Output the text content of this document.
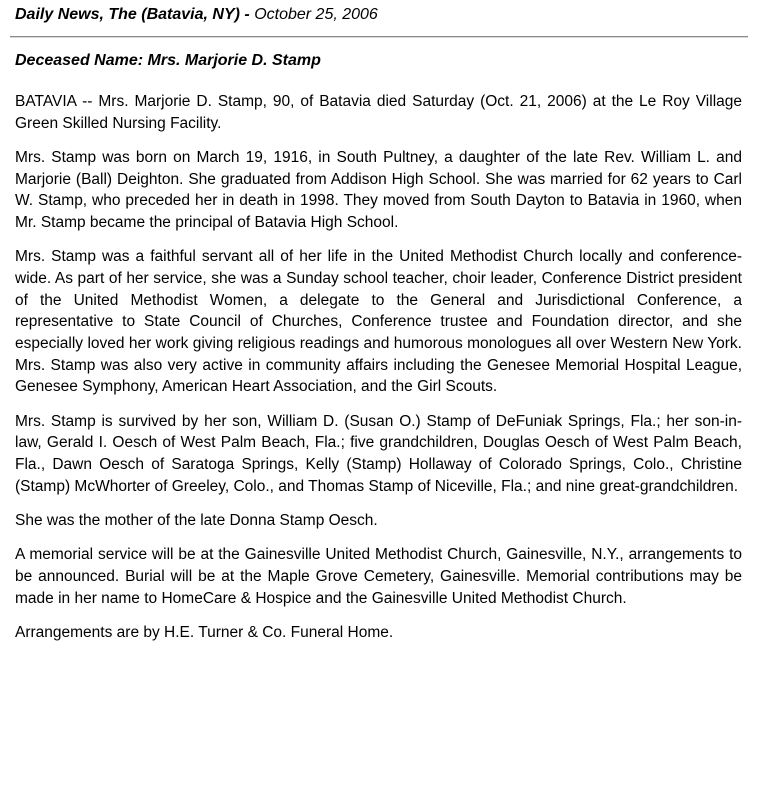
Daily News, The (Batavia, NY) - October 25, 2006
Deceased Name: Mrs. Marjorie D. Stamp

BATAVIA -- Mrs. Marjorie D. Stamp, 90, of Batavia died Saturday (Oct. 21, 2006) at the Le Roy Village Green Skilled Nursing Facility.

Mrs. Stamp was born on March 19, 1916, in South Pultney, a daughter of the late Rev. William L. and Marjorie (Ball) Deighton. She graduated from Addison High School. She was married for 62 years to Carl W. Stamp, who preceded her in death in 1998. They moved from South Dayton to Batavia in 1960, when Mr. Stamp became the principal of Batavia High School.

Mrs. Stamp was a faithful servant all of her life in the United Methodist Church locally and conference-wide. As part of her service, she was a Sunday school teacher, choir leader, Conference District president of the United Methodist Women, a delegate to the General and Jurisdictional Conference, a representative to State Council of Churches, Conference trustee and Foundation director, and she especially loved her work giving religious readings and humorous monologues all over Western New York. Mrs. Stamp was also very active in community affairs including the Genesee Memorial Hospital League, Genesee Symphony, American Heart Association, and the Girl Scouts.

Mrs. Stamp is survived by her son, William D. (Susan O.) Stamp of DeFuniak Springs, Fla.; her son-in-law, Gerald I. Oesch of West Palm Beach, Fla.; five grandchildren, Douglas Oesch of West Palm Beach, Fla., Dawn Oesch of Saratoga Springs, Kelly (Stamp) Hollaway of Colorado Springs, Colo., Christine (Stamp) McWhorter of Greeley, Colo., and Thomas Stamp of Niceville, Fla.; and nine great-grandchildren.

She was the mother of the late Donna Stamp Oesch.

A memorial service will be at the Gainesville United Methodist Church, Gainesville, N.Y., arrangements to be announced. Burial will be at the Maple Grove Cemetery, Gainesville. Memorial contributions may be made in her name to HomeCare & Hospice and the Gainesville United Methodist Church.

Arrangements are by H.E. Turner & Co. Funeral Home.
